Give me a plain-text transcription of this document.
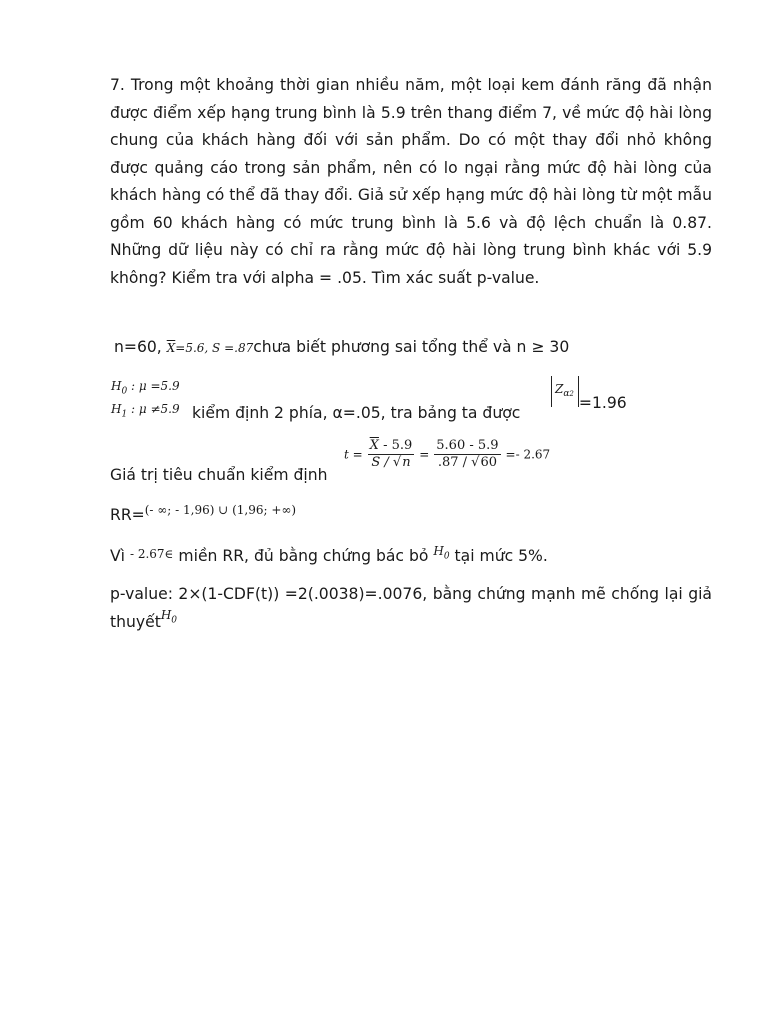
7. Trong một khoảng thời gian nhiều năm, một loại kem đánh răng đã nhận được điểm xếp hạng trung bình là 5.9 trên thang điểm 7, về mức độ hài lòng chung của khách hàng đối với sản phẩm. Do có một thay đổi nhỏ không được quảng cáo trong sản phẩm, nên có lo ngại rằng mức độ hài lòng của khách hàng có thể đã thay đổi. Giả sử xếp hạng mức độ hài lòng từ một mẫu gồm 60 khách hàng có mức trung bình là 5.6 và độ lệch chuẩn là 0.87. Những dữ liệu này có chỉ ra rằng mức độ hài lòng trung bình khác với 5.9 không? Kiểm tra với alpha = .05. Tìm xác suất p-value.

n=60, $\overline{X}=5.6$, S =.87chưa biết phương sai tổng thể và n ≥ 30
$H_0$ : μ =5.9
$H_1$ : μ ≠5.9 kiểm định 2 phía, α=.05, tra bảng ta được
$Z_{\alpha 2} =1.96$
Giá trị tiêu chuẩn kiểm định
$t = \frac{\overline{X} - 5.9}{S / √n} = \frac{5.60 - 5.9}{.87 / √60} =- 2.67$
RR=$^{(- \infty; - 1,96) \cup (1,96; +\infty)}$
Vì - 2.67∈ miền RR, đủ bằng chứng bác bỏ $^{H_0}$ tại mức 5%.

p-value: 2×(1-CDF(t)) =2(.0038)=.0076, bằng chứng mạnh mẽ chống lại giả thuyết$^{H_0}$
